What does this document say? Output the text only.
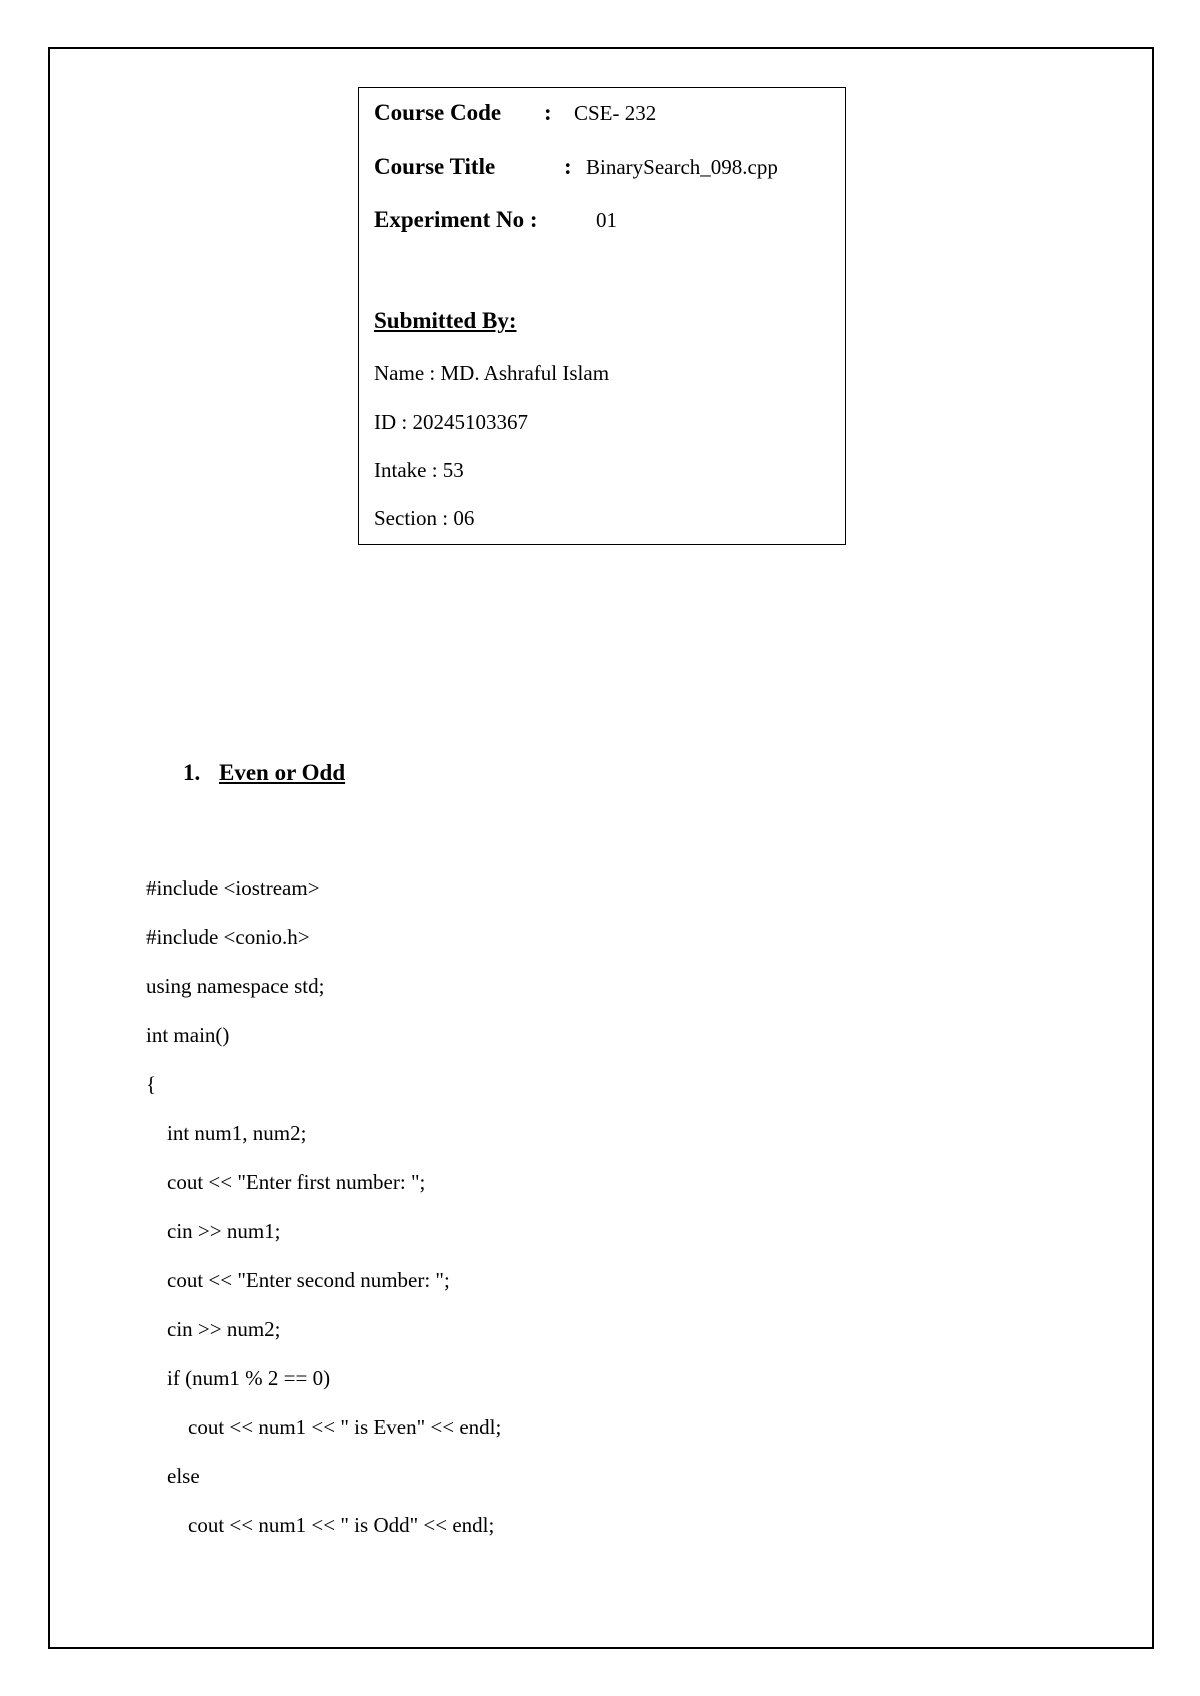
Course Code : CSE- 232
Course Title	: BinarySearch_098.cpp
Experiment No :	01
Submitted By:
Name : MD. Ashraful Islam
ID : 20245103367
Intake : 53
Section : 06
1. Even or Odd
#include <iostream>
#include <conio.h>
using namespace std;
int main()
{
int num1, num2;
cout << "Enter first number: ";
cin >> num1;
cout << "Enter second number: ";
cin >> num2;
if (num1 % 2 == 0)
cout << num1 << " is Even" << endl;
else
cout << num1 << " is Odd" << endl;
